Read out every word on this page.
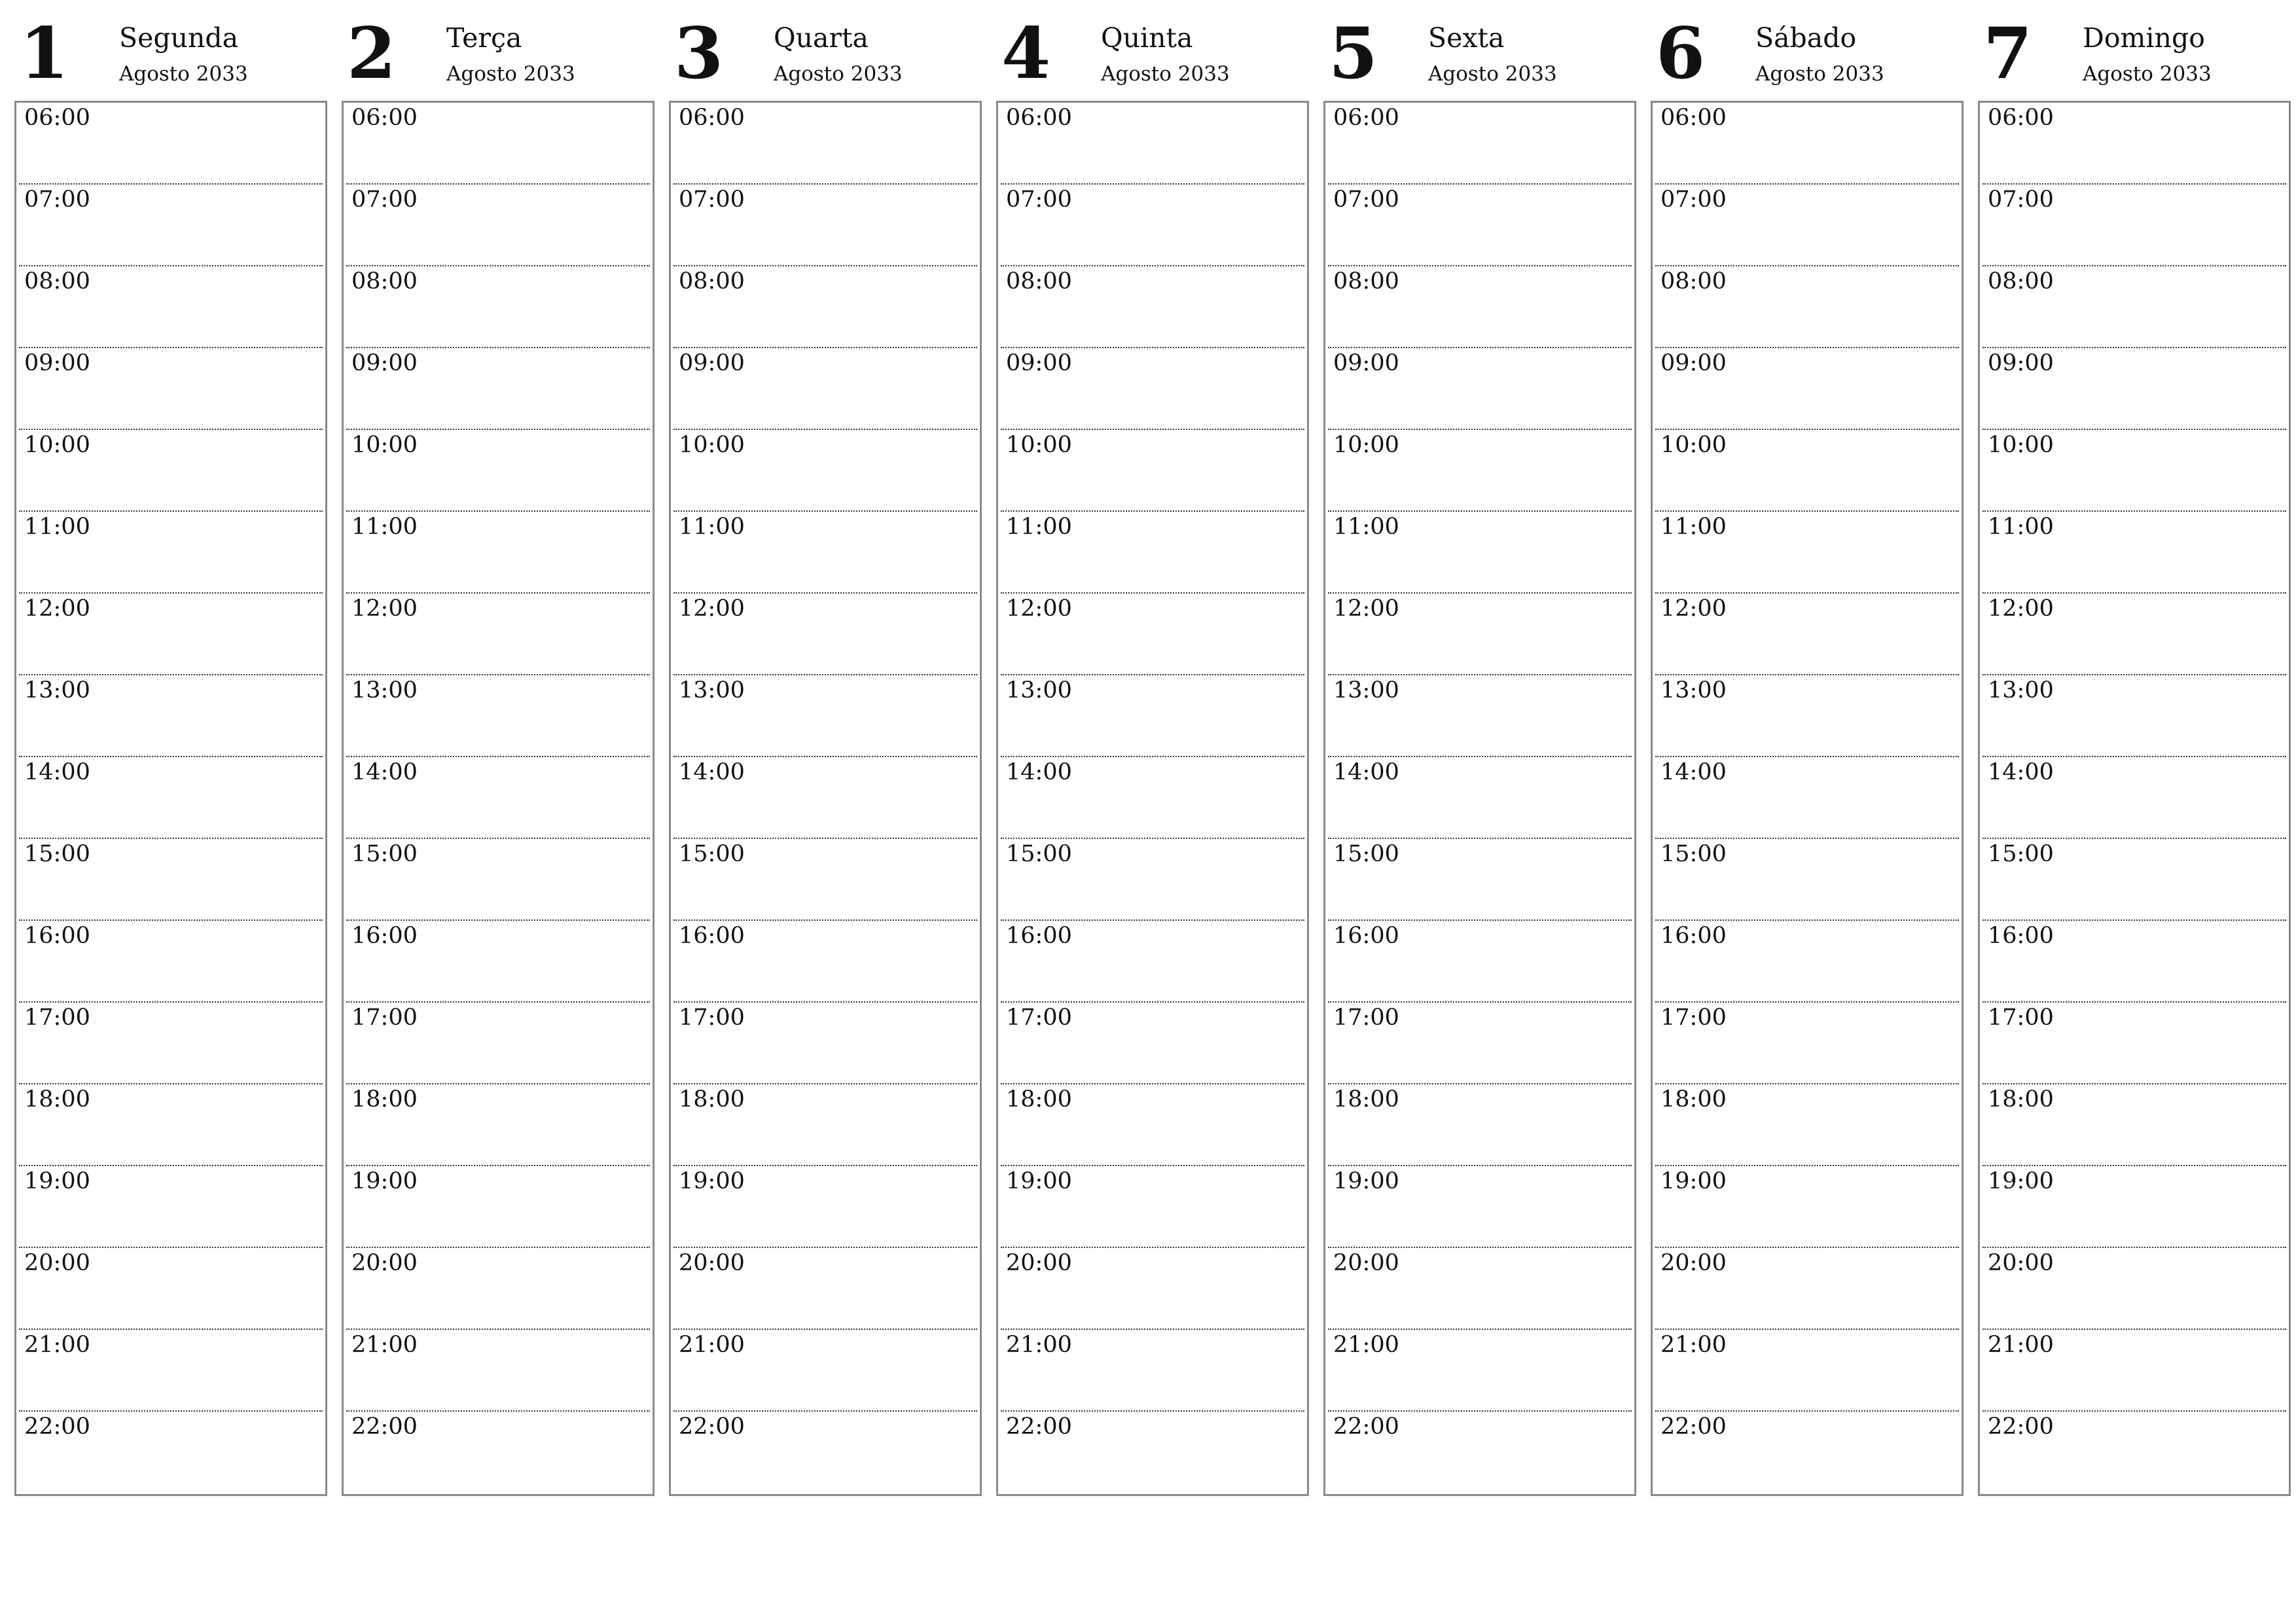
1 Segunda
Agosto 2033
06:00
07:00
08:00
09:00
10:00
11:00
12:00
13:00
14:00
15:00
16:00
17:00
18:00
19:00
20:00
21:00
22:00
2 Terça
Agosto 2033
06:00
07:00
08:00
09:00
10:00
11:00
12:00
13:00
14:00
15:00
16:00
17:00
18:00
19:00
20:00
21:00
22:00
3 Quarta
Agosto 2033
06:00
07:00
08:00
09:00
10:00
11:00
12:00
13:00
14:00
15:00
16:00
17:00
18:00
19:00
20:00
21:00
22:00
4 Quinta
Agosto 2033
06:00
07:00
08:00
09:00
10:00
11:00
12:00
13:00
14:00
15:00
16:00
17:00
18:00
19:00
20:00
21:00
22:00
5 Sexta
Agosto 2033
06:00
07:00
08:00
09:00
10:00
11:00
12:00
13:00
14:00
15:00
16:00
17:00
18:00
19:00
20:00
21:00
22:00
6 Sábado
Agosto 2033
06:00
07:00
08:00
09:00
10:00
11:00
12:00
13:00
14:00
15:00
16:00
17:00
18:00
19:00
20:00
21:00
22:00
7 Domingo
Agosto 2033
06:00
07:00
08:00
09:00
10:00
11:00
12:00
13:00
14:00
15:00
16:00
17:00
18:00
19:00
20:00
21:00
22:00
